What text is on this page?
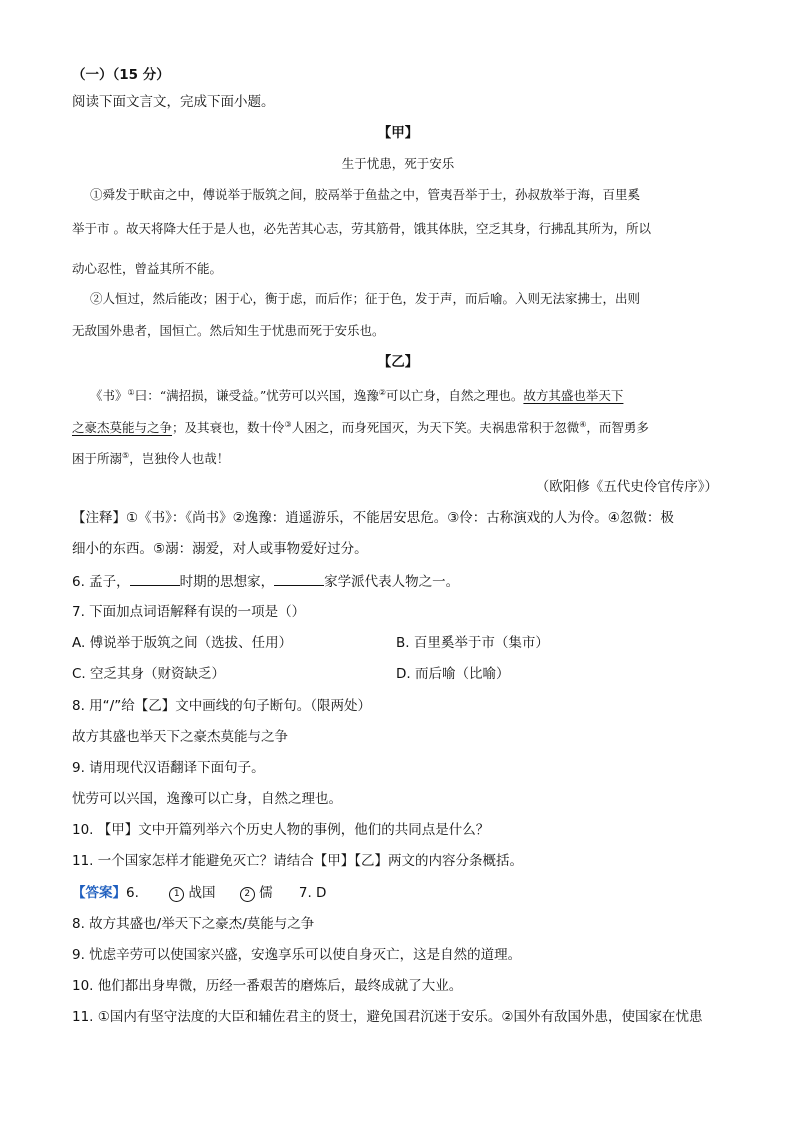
（一）（15 分）
阅读下面文言文，完成下面小题。
【甲】
生于忧患，死于安乐
①舜发于畎亩之中，傅说举于版筑之间，胶鬲举于鱼盐之中，管夷吾举于士，孙叔敖举于海，百里奚
举于市 。故天将降大任于是人也，必先苦其心志，劳其筋骨，饿其体肤，空乏其身，行拂乱其所为，所以
动心忍性，曾益其所不能。
②人恒过，然后能改；困于心，衡于虑，而后作；征于色，发于声，而后喻。入则无法家拂士，出则
无敌国外患者，国恒亡。然后知生于忧患而死于安乐也。
【乙】
《书》①曰：“满招损，谦受益。”忧劳可以兴国，逸豫②可以亡身，自然之理也。故方其盛也举天下
之豪杰莫能与之争；及其衰也，数十伶③人困之，而身死国灭，为天下笑。夫祸患常积于忽微④，而智勇多
困于所溺⑤，岂独伶人也哉！
（欧阳修《五代史伶官传序》）
【注释】①《书》：《尚书》②逸豫：逍遥游乐，不能居安思危。③伶：古称演戏的人为伶。④忽微：极
细小的东西。⑤溺：溺爱，对人或事物爱好过分。
6. 孟子，	时期的思想家，	家学派代表人物之一。
7. 下面加点词语解释有误的一项是（）
A. 傅说举于版筑之间（选拔、任用）	B. 百里奚举于市（集市）
C. 空乏其身（财资缺乏）	D. 而后喻（比喻）
8. 用“/”给【乙】文中画线的句子断句。（限两处）
故方其盛也举天下之豪杰莫能与之争
9. 请用现代汉语翻译下面句子。
忧劳可以兴国，逸豫可以亡身，自然之理也。
10. 【甲】文中开篇列举六个历史人物的事例，他们的共同点是什么？
11. 一个国家怎样才能避免灭亡？请结合【甲】【乙】两文的内容分条概括。
【答案】6.	1 战国	2 儒 7. D
8. 故方其盛也/举天下之豪杰/莫能与之争
9. 忧虑辛劳可以使国家兴盛，安逸享乐可以使自身灭亡，这是自然的道理。
10. 他们都出身卑微，历经一番艰苦的磨炼后，最终成就了大业。
11. ①国内有坚守法度的大臣和辅佐君主的贤士，避免国君沉迷于安乐。②国外有敌国外患，使国家在忧患
